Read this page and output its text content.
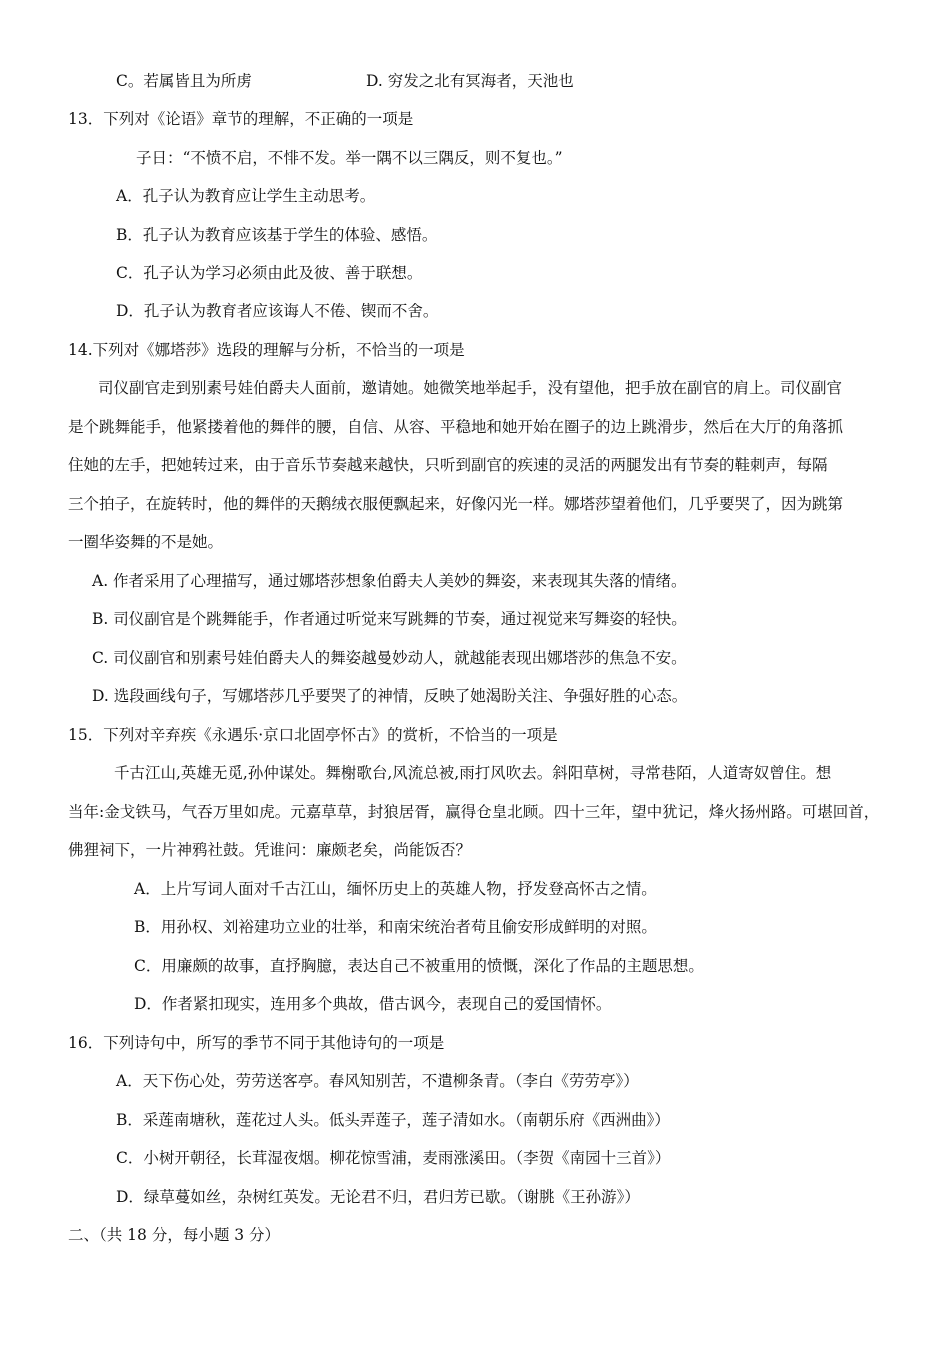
C。若属皆且为所虏	D. 穷发之北有冥海者，天池也
13．下列对《论语》章节的理解，不正确的一项是
子日：“不愤不启，不悱不发。举一隅不以三隅反，则不复也。”
A．孔子认为教育应让学生主动思考。
B．孔子认为教育应该基于学生的体验、感悟。
C．孔子认为学习必须由此及彼、善于联想。
D．孔子认为教育者应该诲人不倦、锲而不舍。
14.下列对《娜塔莎》选段的理解与分析，不恰当的一项是
司仪副官走到别素号娃伯爵夫人面前，邀请她。她微笑地举起手，没有望他，把手放在副官的肩上。司仪副官
是个跳舞能手，他紧搂着他的舞伴的腰，自信、从容、平稳地和她开始在圈子的边上跳滑步，然后在大厅的角落抓
住她的左手，把她转过来，由于音乐节奏越来越快，只听到副官的疾速的灵活的两腿发出有节奏的鞋刺声，每隔
三个拍子，在旋转时，他的舞伴的天鹅绒衣服便飘起来，好像闪光一样。娜塔莎望着他们，几乎要哭了，因为跳第
一圈华姿舞的不是她。
A. 作者采用了心理描写，通过娜塔莎想象伯爵夫人美妙的舞姿，来表现其失落的情绪。
B. 司仪副官是个跳舞能手，作者通过听觉来写跳舞的节奏，通过视觉来写舞姿的轻快。
C. 司仪副官和别素号娃伯爵夫人的舞姿越曼妙动人，就越能表现出娜塔莎的焦急不安。
D. 选段画线句子，写娜塔莎几乎要哭了的神情，反映了她渴盼关注、争强好胜的心态。
15．下列对辛弃疾《永遇乐·京口北固亭怀古》的赏析，不恰当的一项是
千古江山,英雄无觅,孙仲谋处。舞榭歌台,风流总被,雨打风吹去。斜阳草树，寻常巷陌，人道寄奴曾住。想
当年:金戈铁马，气吞万里如虎。元嘉草草，封狼居胥，赢得仓皇北顾。四十三年，望中犹记，烽火扬州路。可堪回首，
佛狸祠下，一片神鸦社鼓。凭谁问：廉颇老矣，尚能饭否？
A．上片写词人面对千古江山，缅怀历史上的英雄人物，抒发登高怀古之情。
B．用孙权、刘裕建功立业的壮举，和南宋统治者苟且偷安形成鲜明的对照。
C．用廉颇的故事，直抒胸臆，表达自己不被重用的愤慨，深化了作品的主题思想。
D．作者紧扣现实，连用多个典故，借古讽今，表现自己的爱国情怀。
16．下列诗句中，所写的季节不同于其他诗句的一项是
A．天下伤心处，劳劳送客亭。春风知别苦，不遣柳条青。（李白《劳劳亭》）
B．采莲南塘秋，莲花过人头。低头弄莲子，莲子清如水。（南朝乐府《西洲曲》）
C．小树开朝径，长茸湿夜烟。柳花惊雪浦，麦雨涨溪田。（李贺《南园十三首》）
D．绿草蔓如丝，杂树红英发。无论君不归，君归芳已歇。（谢朓《王孙游》）
二、（共 18 分，每小题 3 分）
